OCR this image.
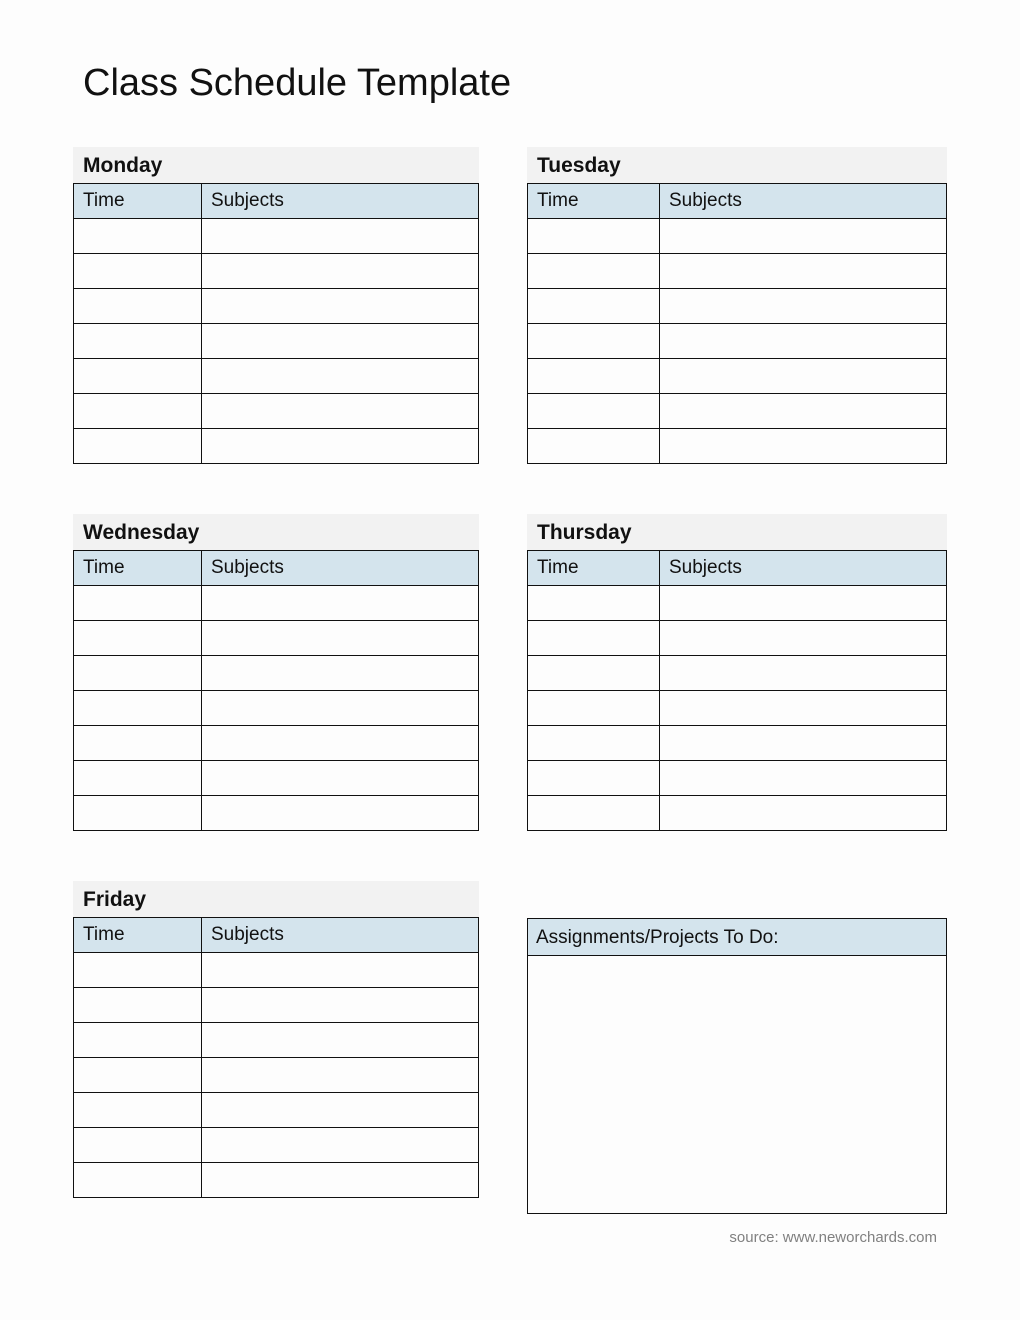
Class Schedule Template
Monday
Time	Subjects

Tuesday
Time	Subjects

Wednesday
Time	Subjects

Thursday
Time	Subjects

Friday
Time	Subjects

		Assignments/Projects To Do:
source: www.neworchards.com
